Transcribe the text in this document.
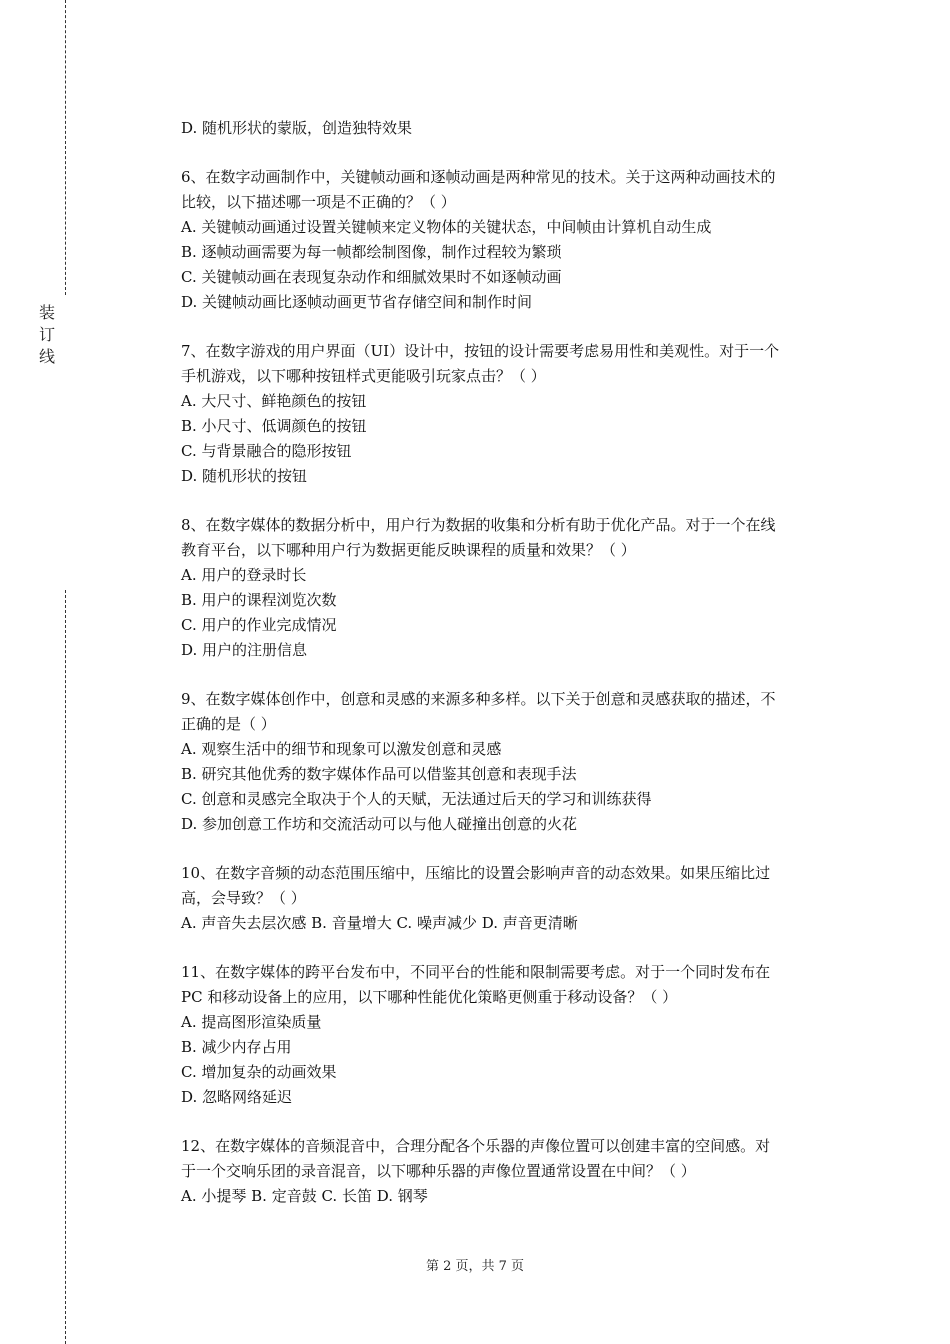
装
订
线
D. 随机形状的蒙版，创造独特效果
6、在数字动画制作中，关键帧动画和逐帧动画是两种常见的技术。关于这两种动画技术的
比较，以下描述哪一项是不正确的？（ ）
A. 关键帧动画通过设置关键帧来定义物体的关键状态，中间帧由计算机自动生成
B. 逐帧动画需要为每一帧都绘制图像，制作过程较为繁琐
C. 关键帧动画在表现复杂动作和细腻效果时不如逐帧动画
D. 关键帧动画比逐帧动画更节省存储空间和制作时间
7、在数字游戏的用户界面（UI）设计中，按钮的设计需要考虑易用性和美观性。对于一个
手机游戏，以下哪种按钮样式更能吸引玩家点击？（ ）
A. 大尺寸、鲜艳颜色的按钮
B. 小尺寸、低调颜色的按钮
C. 与背景融合的隐形按钮
D. 随机形状的按钮
8、在数字媒体的数据分析中，用户行为数据的收集和分析有助于优化产品。对于一个在线
教育平台，以下哪种用户行为数据更能反映课程的质量和效果？（ ）
A. 用户的登录时长
B. 用户的课程浏览次数
C. 用户的作业完成情况
D. 用户的注册信息
9、在数字媒体创作中，创意和灵感的来源多种多样。以下关于创意和灵感获取的描述，不
正确的是（ ）
A. 观察生活中的细节和现象可以激发创意和灵感
B. 研究其他优秀的数字媒体作品可以借鉴其创意和表现手法
C. 创意和灵感完全取决于个人的天赋，无法通过后天的学习和训练获得
D. 参加创意工作坊和交流活动可以与他人碰撞出创意的火花
10、在数字音频的动态范围压缩中，压缩比的设置会影响声音的动态效果。如果压缩比过
高，会导致？（ ）
A. 声音失去层次感 B. 音量增大 C. 噪声减少 D. 声音更清晰
11、在数字媒体的跨平台发布中，不同平台的性能和限制需要考虑。对于一个同时发布在
PC 和移动设备上的应用，以下哪种性能优化策略更侧重于移动设备？（ ）
A. 提高图形渲染质量
B. 减少内存占用
C. 增加复杂的动画效果
D. 忽略网络延迟
12、在数字媒体的音频混音中，合理分配各个乐器的声像位置可以创建丰富的空间感。对
于一个交响乐团的录音混音，以下哪种乐器的声像位置通常设置在中间？（ ）
A. 小提琴 B. 定音鼓 C. 长笛 D. 钢琴
第 2 页，共 7 页
